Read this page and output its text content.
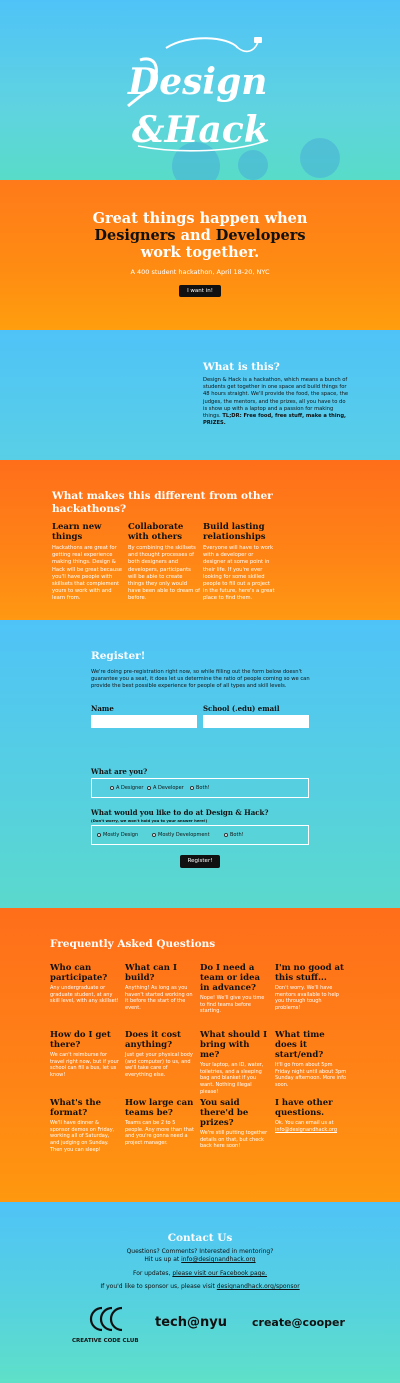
Design
&Hack
Great things happen when
Designers and Developers
work together.
A 400 student hackathon, April 18-20, NYC
I want in!
What is this?
Design & Hack is a hackathon, which means a bunch of students get together in one space and build things for 48 hours straight. We'll provide the food, the space, the judges, the mentors, and the prizes, all you have to do is show up with a laptop and a passion for making things. TL;DR: Free food, free stuff, make a thing, PRIZES.
What makes this different from other hackathons?
Learn new things
Hackathons are great for getting real experience making things. Design & Hack will be great because you'll have people with skillsets that complement yours to work with and learn from.
Collaborate with others
By combining the skillsets and thought processes of both designers and developers, participants will be able to create things they only would have been able to dream of before.
Build lasting relationships
Everyone will have to work with a developer or designer at some point in their life. If you're ever looking for some skilled people to fill out a project in the future, here's a great place to find them.
Register!
We're doing pre-registration right now, so while filling out the form below doesn't guarantee you a seat, it does let us determine the ratio of people coming so we can provide the best possible experience for people of all types and skill levels.
Name	School (.edu) email
What are you?
A Designer A Developer Both!
What would you like to do at Design & Hack?
(Don't worry, we won't hold you to your answer here!)
Mostly Design	Mostly Development	Both!
Register!
Frequently Asked Questions
Who can participate?
Any undergraduate or graduate student, at any skill level, with any skillset!
What can I build?
Anything! As long as you haven't started working on it before the start of the event.
Do I need a team or idea in advance?
Nope! We'll give you time to find teams before starting.
I'm no good at this stuff...
Don't worry. We'll have mentors available to help you through tough problems!
How do I get there?
We can't reimburse for travel right now, but if your school can fill a bus, let us know!
Does it cost anything?
Just get your physical body (and computer) to us, and we'll take care of everything else.
What should I bring with me?
Your laptop, an ID, water, toiletries, and a sleeping bag and blanket if you want. Nothing illegal please!
What time does it start/end?
It'll go from about 5pm Friday night until about 3pm Sunday afternoon. More info soon.
What's the format?
We'll have dinner & sponsor demos on Friday, working all of Saturday, and judging on Sunday. Then you can sleep!
How large can teams be?
Teams can be 2 to 5 people. Any more than that and you're gonna need a project manager.
You said there'd be prizes?
We're still putting together details on that, but check back here soon!
I have other questions.
Ok. You can email us at info@designandhack.org
Contact Us
Questions? Comments? Interested in mentoring?
Hit us up at info@designandhack.org
For updates, please visit our Facebook page.
If you'd like to sponsor us, please visit designandhack.org/sponsor
CREATIVE CODE CLUB
tech@nyu create@cooper
